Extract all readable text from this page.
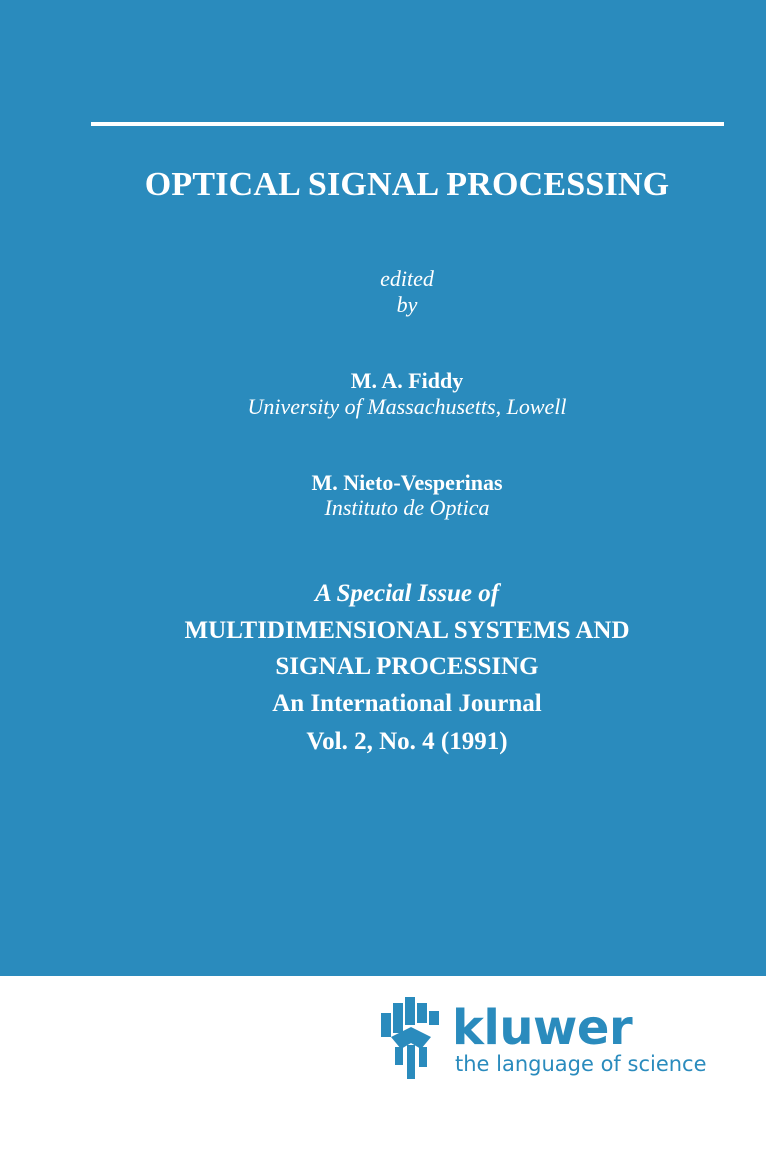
OPTICAL SIGNAL PROCESSING
edited
by
M. A. Fiddy
University of Massachusetts, Lowell
M. Nieto-Vesperinas
Instituto de Optica
A Special Issue of
MULTIDIMENSIONAL SYSTEMS AND
SIGNAL PROCESSING
An International Journal
Vol. 2, No. 4 (1991)
kluwer
the language of science
